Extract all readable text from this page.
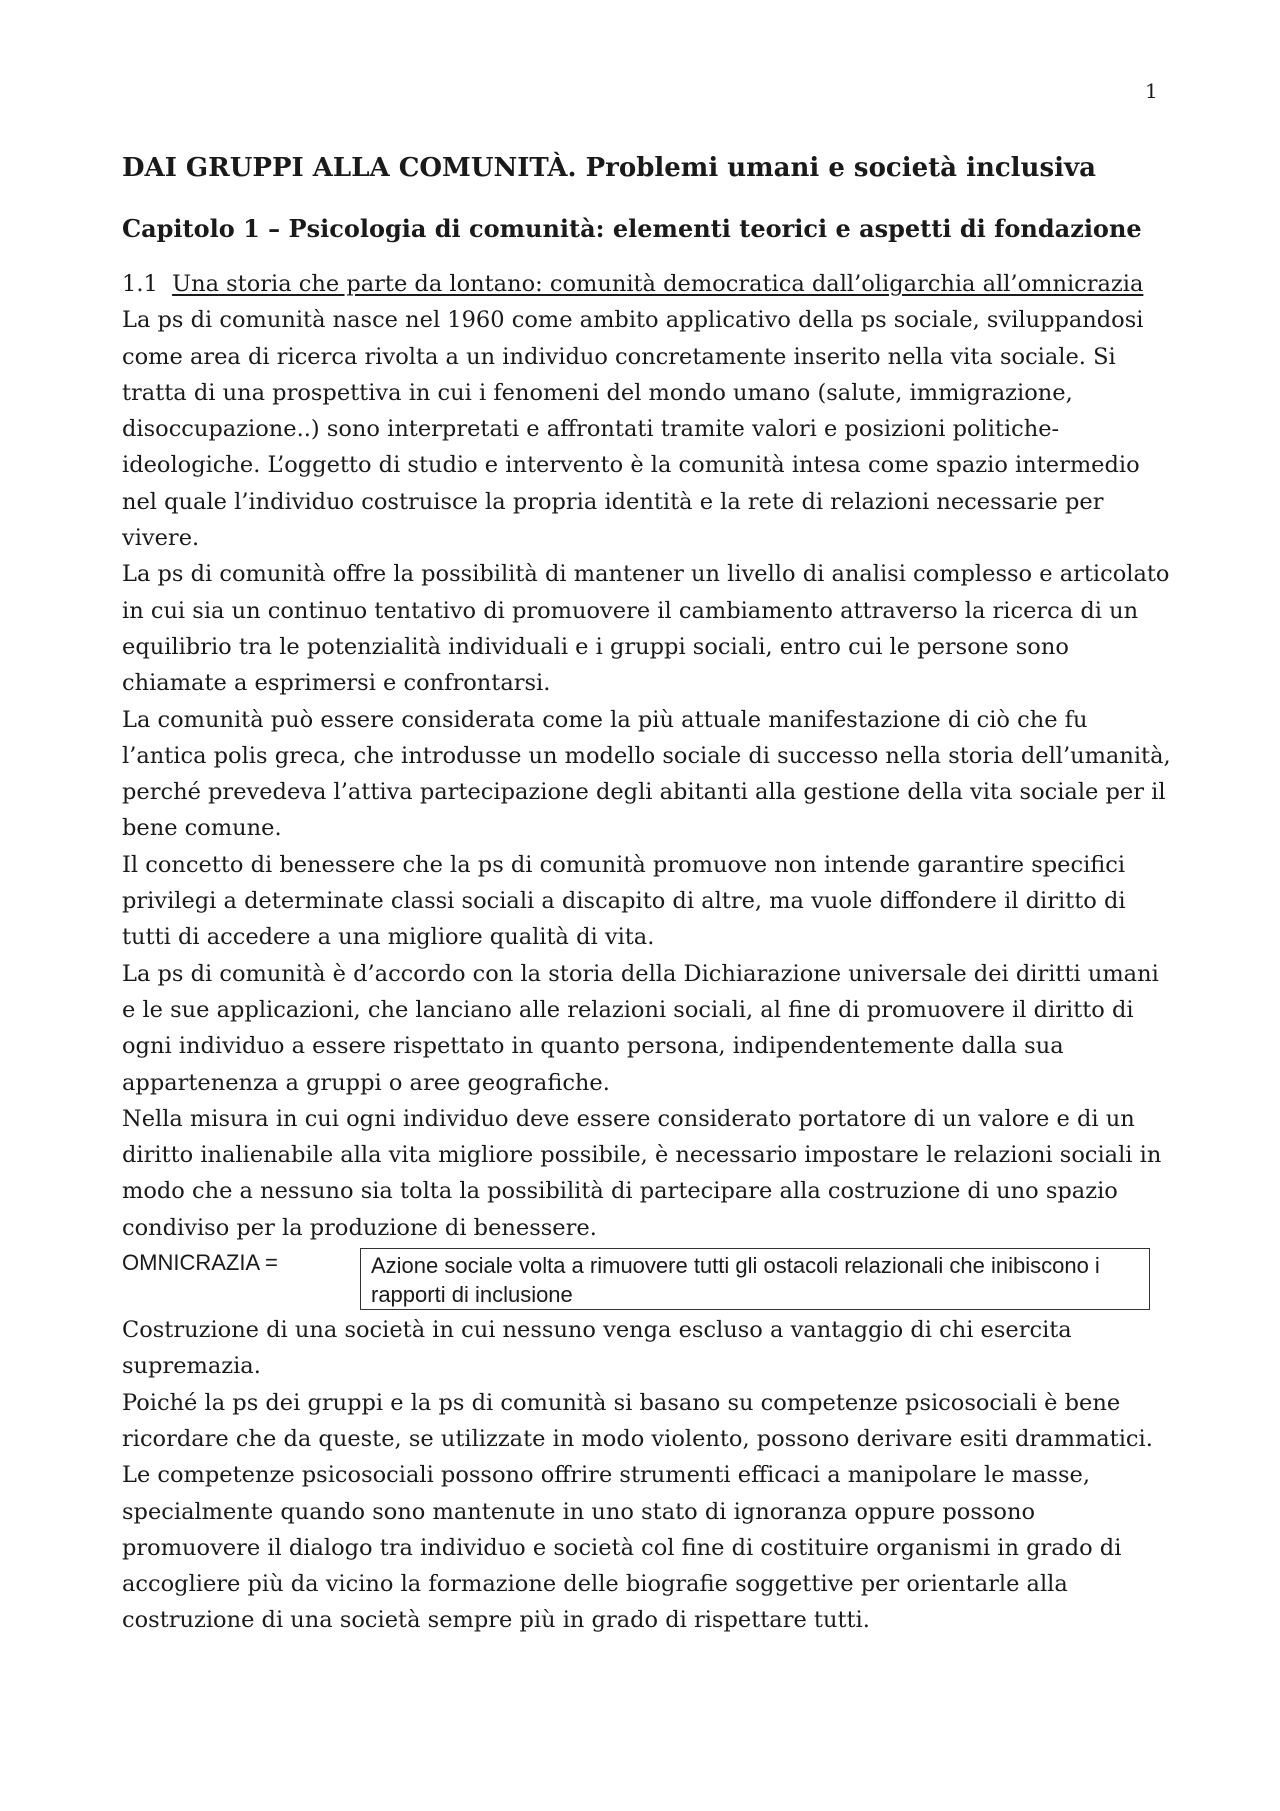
1
DAI GRUPPI ALLA COMUNITÀ. Problemi umani e società inclusiva
Capitolo 1 – Psicologia di comunità: elementi teorici e aspetti di fondazione
1.1 Una storia che parte da lontano: comunità democratica dall’oligarchia all’omnicrazia

La ps di comunità nasce nel 1960 come ambito applicativo della ps sociale, sviluppandosi come area di ricerca rivolta a un individuo concretamente inserito nella vita sociale. Si tratta di una prospettiva in cui i fenomeni del mondo umano (salute, immigrazione, disoccupazione..) sono interpretati e affrontati tramite valori e posizioni politiche-ideologiche. L’oggetto di studio e intervento è la comunità intesa come spazio intermedio nel quale l’individuo costruisce la propria identità e la rete di relazioni necessarie per vivere.

La ps di comunità offre la possibilità di mantener un livello di analisi complesso e articolato in cui sia un continuo tentativo di promuovere il cambiamento attraverso la ricerca di un equilibrio tra le potenzialità individuali e i gruppi sociali, entro cui le persone sono chiamate a esprimersi e confrontarsi.

La comunità può essere considerata come la più attuale manifestazione di ciò che fu l’antica polis greca, che introdusse un modello sociale di successo nella storia dell’umanità, perché prevedeva l’attiva partecipazione degli abitanti alla gestione della vita sociale per il bene comune.

Il concetto di benessere che la ps di comunità promuove non intende garantire specifici privilegi a determinate classi sociali a discapito di altre, ma vuole diffondere il diritto di tutti di accedere a una migliore qualità di vita.

La ps di comunità è d’accordo con la storia della Dichiarazione universale dei diritti umani e le sue applicazioni, che lanciano alle relazioni sociali, al fine di promuovere il diritto di ogni individuo a essere rispettato in quanto persona, indipendentemente dalla sua appartenenza a gruppi o aree geografiche.

Nella misura in cui ogni individuo deve essere considerato portatore di un valore e di un diritto inalienabile alla vita migliore possibile, è necessario impostare le relazioni sociali in modo che a nessuno sia tolta la possibilità di partecipare alla costruzione di uno spazio condiviso per la produzione di benessere.

OMNICRAZIA =	Azione sociale volta a rimuovere tutti gli ostacoli relazionali che inibiscono i rapporti di inclusione

Costruzione di una società in cui nessuno venga escluso a vantaggio di chi esercita supremazia.

Poiché la ps dei gruppi e la ps di comunità si basano su competenze psicosociali è bene ricordare che da queste, se utilizzate in modo violento, possono derivare esiti drammatici. Le competenze psicosociali possono offrire strumenti efficaci a manipolare le masse, specialmente quando sono mantenute in uno stato di ignoranza oppure possono promuovere il dialogo tra individuo e società col fine di costituire organismi in grado di accogliere più da vicino la formazione delle biografie soggettive per orientarle alla costruzione di una società sempre più in grado di rispettare tutti.
